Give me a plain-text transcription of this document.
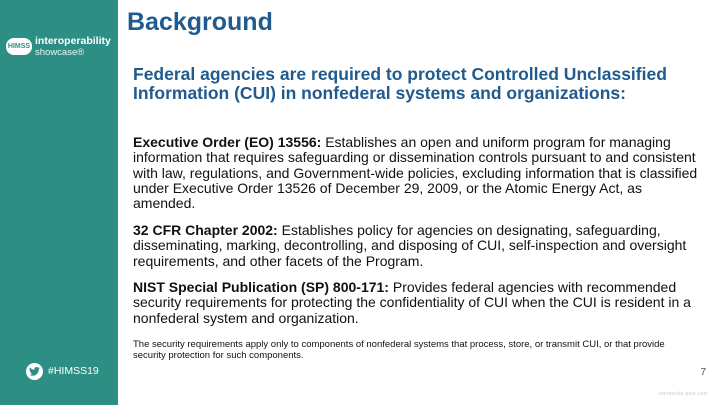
HIMSS interoperability
showcase®
#HIMSS19
Background

Federal agencies are required to protect Controlled Unclassified Information (CUI) in nonfederal systems and organizations:

Executive Order (EO) 13556: Establishes an open and uniform program for managing information that requires safeguarding or dissemination controls pursuant to and consistent with law, regulations, and Government-wide policies, excluding information that is classified under Executive Order 13526 of December 29, 2009, or the Atomic Energy Act, as amended.

32 CFR Chapter 2002: Establishes policy for agencies on designating, safeguarding, disseminating, marking, decontrolling, and disposing of CUI, self-inspection and oversight requirements, and other facets of the Program.

NIST Special Publication (SP) 800-171: Provides federal agencies with recommended security requirements for protecting the confidentiality of CUI when the CUI is resident in a nonfederal system and organization.

The security requirements apply only to components of nonfederal systems that process, store, or transmit CUI, or that provide security protection for such components.

7
handwrite-plus.com
